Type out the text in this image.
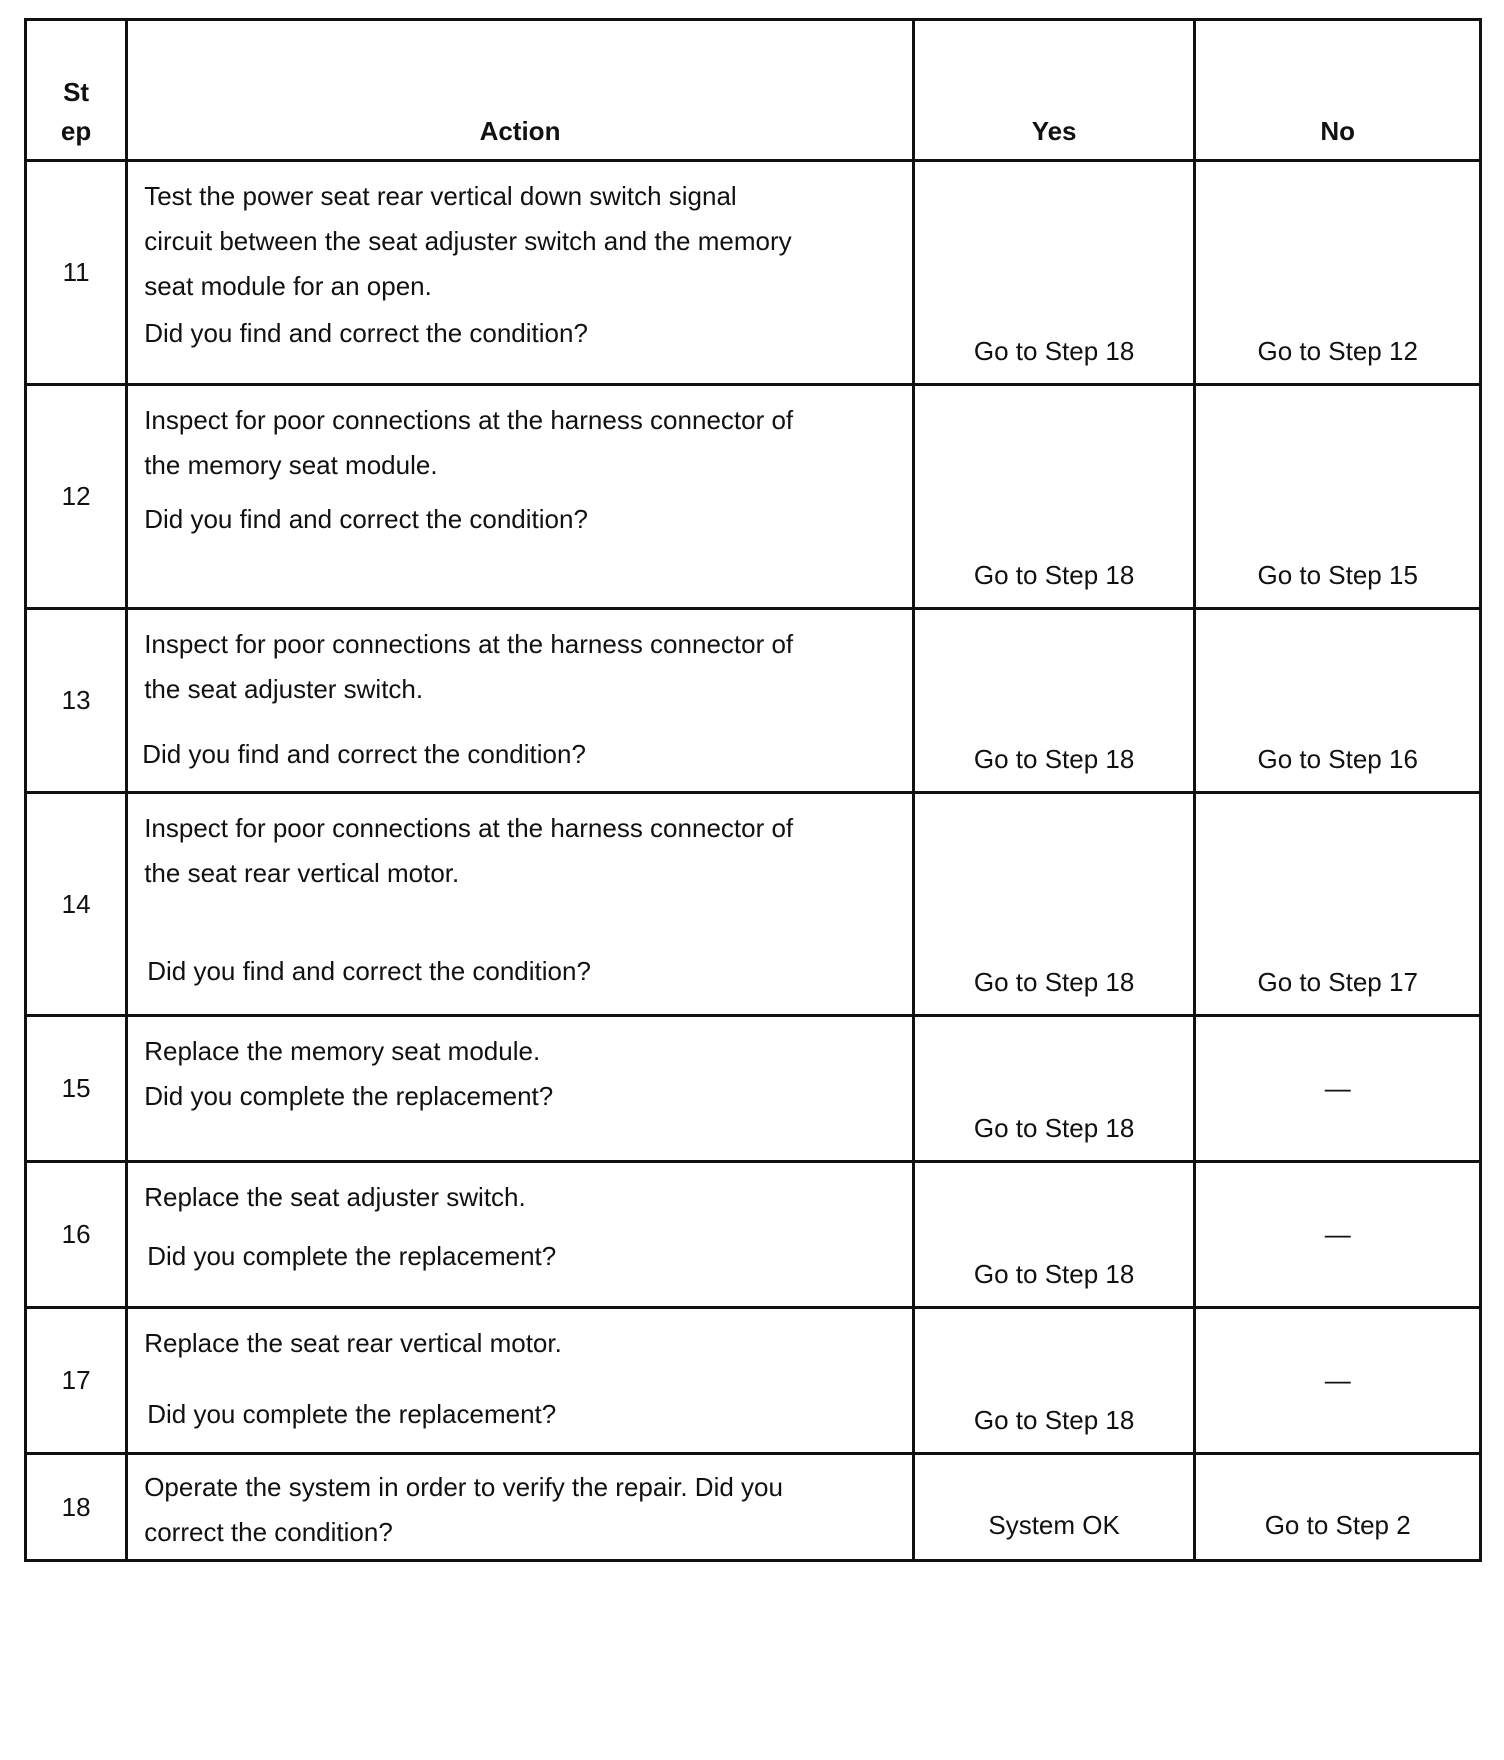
St
ep	Action	Yes	No
11	Test the power seat rear vertical down switch signal
circuit between the seat adjuster switch and the memory
seat module for an open.
Did you find and correct the condition?	Go to Step 18	Go to Step 12
12	Inspect for poor connections at the harness connector of
the memory seat module.
Did you find and correct the condition?	Go to Step 18	Go to Step 15
13	Inspect for poor connections at the harness connector of
the seat adjuster switch.
Did you find and correct the condition?	Go to Step 18	Go to Step 16
14	Inspect for poor connections at the harness connector of
the seat rear vertical motor.
Did you find and correct the condition?	Go to Step 18	Go to Step 17
15	Replace the memory seat module.
Did you complete the replacement?	Go to Step 18	—
16	Replace the seat adjuster switch.
Did you complete the replacement?	Go to Step 18	—
17	Replace the seat rear vertical motor.
Did you complete the replacement?	Go to Step 18	—
18	Operate the system in order to verify the repair. Did you
correct the condition?	System OK	Go to Step 2
